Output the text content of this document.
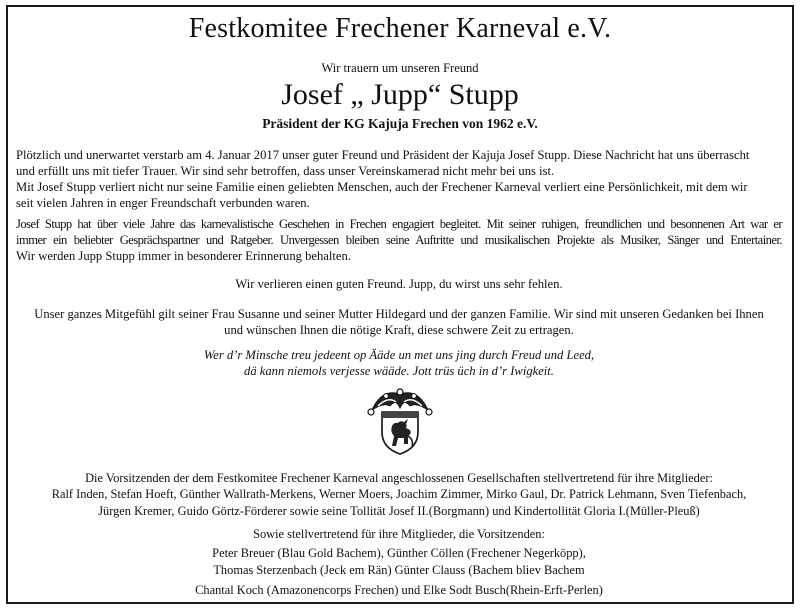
Festkomitee Frechener Karneval e.V.
Wir trauern um unseren Freund
Josef „ Jupp“ Stupp
Präsident der KG Kajuja Frechen von 1962 e.V.
Plötzlich und unerwartet verstarb am 4. Januar 2017 unser guter Freund und Präsident der Kajuja Josef Stupp. Diese Nachricht hat uns überrascht
und erfüllt uns mit tiefer Trauer. Wir sind sehr betroffen, dass unser Vereinskamerad nicht mehr bei uns ist.
Mit Josef Stupp verliert nicht nur seine Familie einen geliebten Menschen, auch der Frechener Karneval verliert eine Persönlichkeit, mit dem wir
seit vielen Jahren in enger Freundschaft verbunden waren.
Josef Stupp hat über viele Jahre das karnevalistische Geschehen in Frechen engagiert begleitet. Mit seiner ruhigen, freundlichen und besonnenen Art war er
immer ein beliebter Gesprächspartner und Ratgeber. Unvergessen bleiben seine Auftritte und musikalischen Projekte als Musiker, Sänger und Entertainer.
Wir werden Jupp Stupp immer in besonderer Erinnerung behalten.
Wir verlieren einen guten Freund. Jupp, du wirst uns sehr fehlen.
Unser ganzes Mitgefühl gilt seiner Frau Susanne und seiner Mutter Hildegard und der ganzen Familie. Wir sind mit unseren Gedanken bei Ihnen
und wünschen Ihnen die nötige Kraft, diese schwere Zeit zu ertragen.
Wer d’r Minsche treu jedeent op Ääde un met uns jing durch Freud und Leed,
dä kann niemols verjesse wääde. Jott trüs üch in d’r Iwigkeit.
Die Vorsitzenden der dem Festkomitee Frechener Karneval angeschlossenen Gesellschaften stellvertretend für ihre Mitglieder:
Ralf Inden, Stefan Hoeft, Günther Wallrath-Merkens, Werner Moers, Joachim Zimmer, Mirko Gaul, Dr. Patrick Lehmann, Sven Tiefenbach,
Jürgen Kremer, Guido Görtz-Förderer sowie seine Tollität Josef II.(Borgmann) und Kindertollität Gloria I.(Müller-Pleuß)
Sowie stellvertretend für ihre Mitglieder, die Vorsitzenden:
Peter Breuer (Blau Gold Bachem), Günther Cöllen (Frechener Negerköpp),
Thomas Sterzenbach (Jeck em Rän) Günter Clauss (Bachem bliev Bachem
Chantal Koch (Amazonencorps Frechen) und Elke Sodt Busch(Rhein-Erft-Perlen)
